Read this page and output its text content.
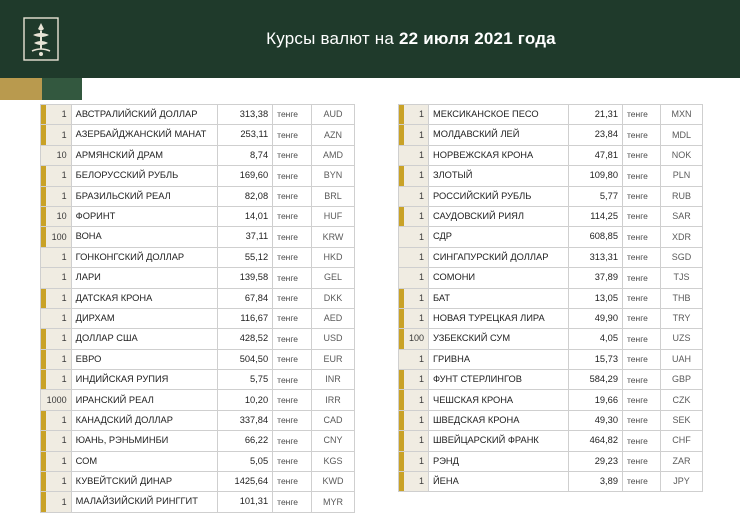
Курсы валют на 22 июля 2021 года
1	АВСТРАЛИЙСКИЙ ДОЛЛАР	313,38	тенге	AUD
1	АЗЕРБАЙДЖАНСКИЙ МАНАТ	253,11	тенге	AZN
10	АРМЯНСКИЙ ДРАМ	8,74	тенге	AMD
1	БЕЛОРУССКИЙ РУБЛЬ	169,60	тенге	BYN
1	БРАЗИЛЬСКИЙ РЕАЛ	82,08	тенге	BRL
10	ФОРИНТ	14,01	тенге	HUF
100	ВОНА	37,11	тенге	KRW
1	ГОНКОНГСКИЙ ДОЛЛАР	55,12	тенге	HKD
1	ЛАРИ	139,58	тенге	GEL
1	ДАТСКАЯ КРОНА	67,84	тенге	DKK
1	ДИРХАМ	116,67	тенге	AED
1	ДОЛЛАР США	428,52	тенге	USD
1	ЕВРО	504,50	тенге	EUR
1	ИНДИЙСКАЯ РУПИЯ	5,75	тенге	INR
1000	ИРАНСКИЙ РЕАЛ	10,20	тенге	IRR
1	КАНАДСКИЙ ДОЛЛАР	337,84	тенге	CAD
1	ЮАНЬ, РЭНЬМИНБИ	66,22	тенге	CNY
1	СОМ	5,05	тенге	KGS
1	КУВЕЙТСКИЙ ДИНАР	1425,64	тенге	KWD
1	МАЛАЙЗИЙСКИЙ РИНГГИТ	101,31	тенге	MYR
1	МЕКСИКАНСКОЕ ПЕСО	21,31	тенге	MXN
1	МОЛДАВСКИЙ ЛЕЙ	23,84	тенге	MDL
1	НОРВЕЖСКАЯ КРОНА	47,81	тенге	NOK
1	ЗЛОТЫЙ	109,80	тенге	PLN
1	РОССИЙСКИЙ РУБЛЬ	5,77	тенге	RUB
1	САУДОВСКИЙ РИЯЛ	114,25	тенге	SAR
1	СДР	608,85	тенге	XDR
1	СИНГАПУРСКИЙ ДОЛЛАР	313,31	тенге	SGD
1	СОМОНИ	37,89	тенге	TJS
1	БАТ	13,05	тенге	THB
1	НОВАЯ ТУРЕЦКАЯ ЛИРА	49,90	тенге	TRY
100	УЗБЕКСКИЙ СУМ	4,05	тенге	UZS
1	ГРИВНА	15,73	тенге	UAH
1	ФУНТ СТЕРЛИНГОВ	584,29	тенге	GBP
1	ЧЕШСКАЯ КРОНА	19,66	тенге	CZK
1	ШВЕДСКАЯ КРОНА	49,30	тенге	SEK
1	ШВЕЙЦАРСКИЙ ФРАНК	464,82	тенге	CHF
1	РЭНД	29,23	тенге	ZAR
1	ЙЕНА	3,89	тенге	JPY
